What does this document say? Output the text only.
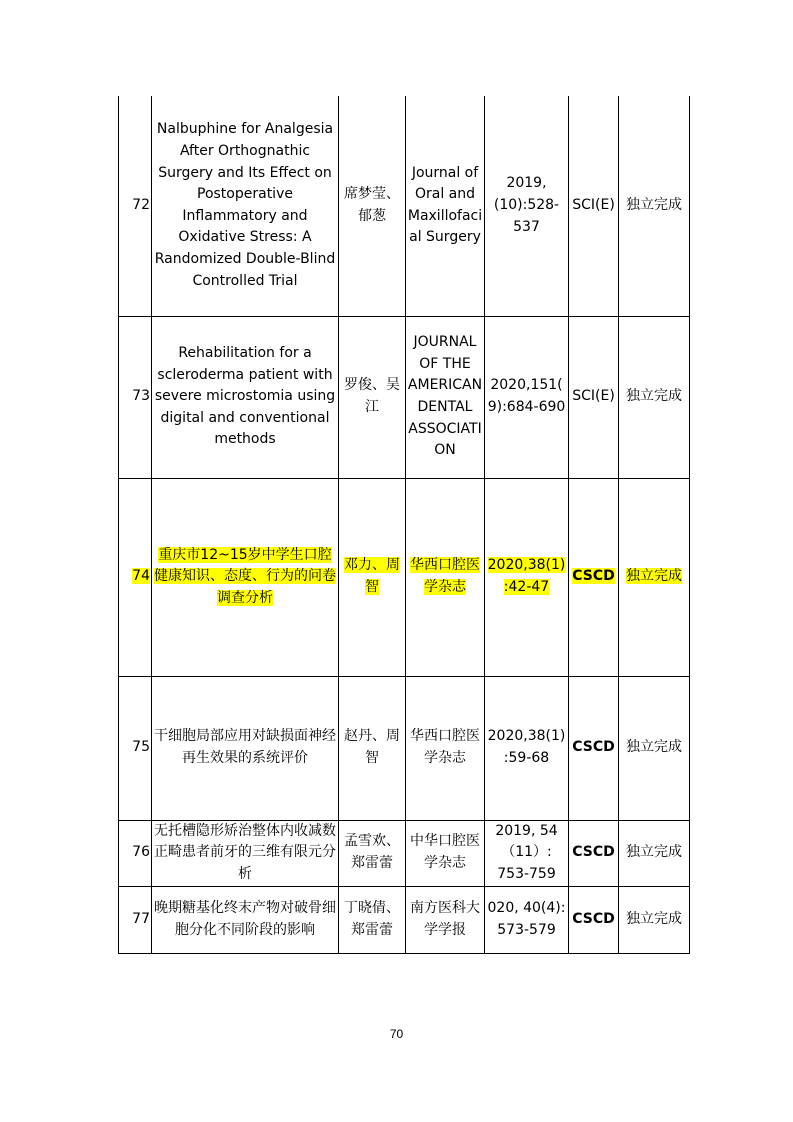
72	Nalbuphine for Analgesia After Orthognathic Surgery and Its Effect on Postoperative Inflammatory and Oxidative Stress: A Randomized Double-Blind Controlled Trial	席梦莹、郁葱	Journal of Oral and Maxillofacial Surgery	2019,(10):528-537	SCI(E)	独立完成
73	Rehabilitation for a scleroderma patient with severe microstomia using digital and conventional methods	罗俊、吴江	JOURNAL OF THE AMERICAN DENTAL ASSOCIATION	2020,151(9):684-690	SCI(E)	独立完成
74	重庆市12~15岁中学生口腔健康知识、态度、行为的问卷调查分析	邓力、周智	华西口腔医学杂志	2020,38(1):42-47	CSCD	独立完成
75	干细胞局部应用对缺损面神经再生效果的系统评价	赵丹、周智	华西口腔医学杂志	2020,38(1):59-68	CSCD	独立完成
76	无托槽隐形矫治整体内收减数正畸患者前牙的三维有限元分析	孟雪欢、郑雷蕾	中华口腔医学杂志	2019, 54（11）: 753-759	CSCD	独立完成
77	晚期糖基化终末产物对破骨细胞分化不同阶段的影响	丁晓倩、郑雷蕾	南方医科大学学报	020, 40(4): 573-579	CSCD	独立完成
70
